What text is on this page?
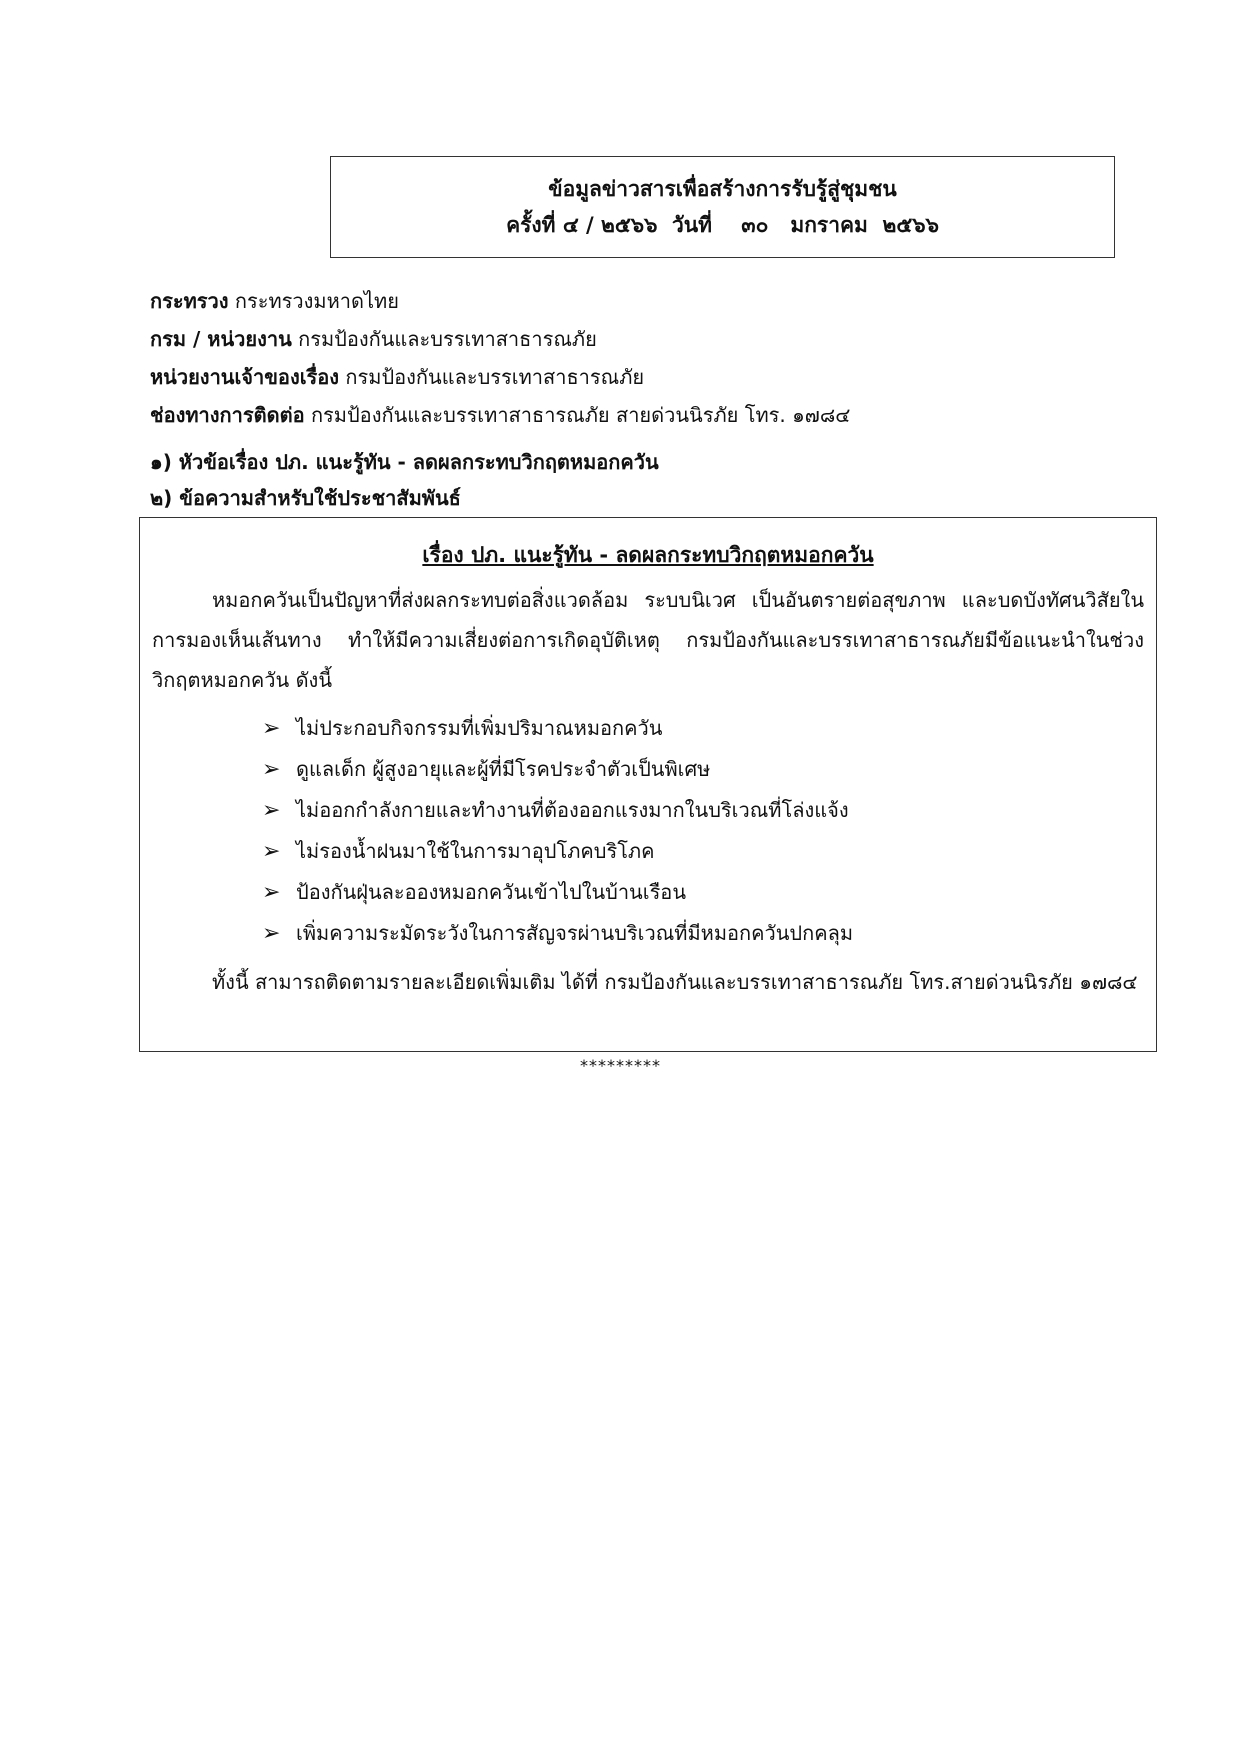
ข้อมูลข่าวสารเพื่อสร้างการรับรู้สู่ชุมชน
ครั้งที่ ๔ / ๒๕๖๖  วันที่    ๓๐   มกราคม  ๒๕๖๖
กระทรวง กระทรวงมหาดไทย
กรม / หน่วยงาน กรมป้องกันและบรรเทาสาธารณภัย
หน่วยงานเจ้าของเรื่อง กรมป้องกันและบรรเทาสาธารณภัย
ช่องทางการติดต่อ กรมป้องกันและบรรเทาสาธารณภัย สายด่วนนิรภัย โทร. ๑๗๘๔
๑) หัวข้อเรื่อง ปภ. แนะรู้ทัน - ลดผลกระทบวิกฤตหมอกควัน
๒) ข้อความสำหรับใช้ประชาสัมพันธ์
เรื่อง ปภ. แนะรู้ทัน - ลดผลกระทบวิกฤตหมอกควัน

หมอกควันเป็นปัญหาที่ส่งผลกระทบต่อสิ่งแวดล้อม ระบบนิเวศ เป็นอันตรายต่อสุขภาพ และบดบังทัศนวิสัยในการมองเห็นเส้นทาง ทำให้มีความเสี่ยงต่อการเกิดอุบัติเหตุ กรมป้องกันและบรรเทาสาธารณภัยมีข้อแนะนำในช่วงวิกฤตหมอกควัน ดังนี้

➢ ไม่ประกอบกิจกรรมที่เพิ่มปริมาณหมอกควัน
➢ ดูแลเด็ก ผู้สูงอายุและผู้ที่มีโรคประจำตัวเป็นพิเศษ
➢ ไม่ออกกำลังกายและทำงานที่ต้องออกแรงมากในบริเวณที่โล่งแจ้ง
➢ ไม่รองน้ำฝนมาใช้ในการมาอุปโภคบริโภค
➢ ป้องกันฝุ่นละอองหมอกควันเข้าไปในบ้านเรือน
➢ เพิ่มความระมัดระวังในการสัญจรผ่านบริเวณที่มีหมอกควันปกคลุม

ทั้งนี้ สามารถติดตามรายละเอียดเพิ่มเติม ได้ที่ กรมป้องกันและบรรเทาสาธารณภัย โทร.สายด่วนนิรภัย ๑๗๘๔

*********
